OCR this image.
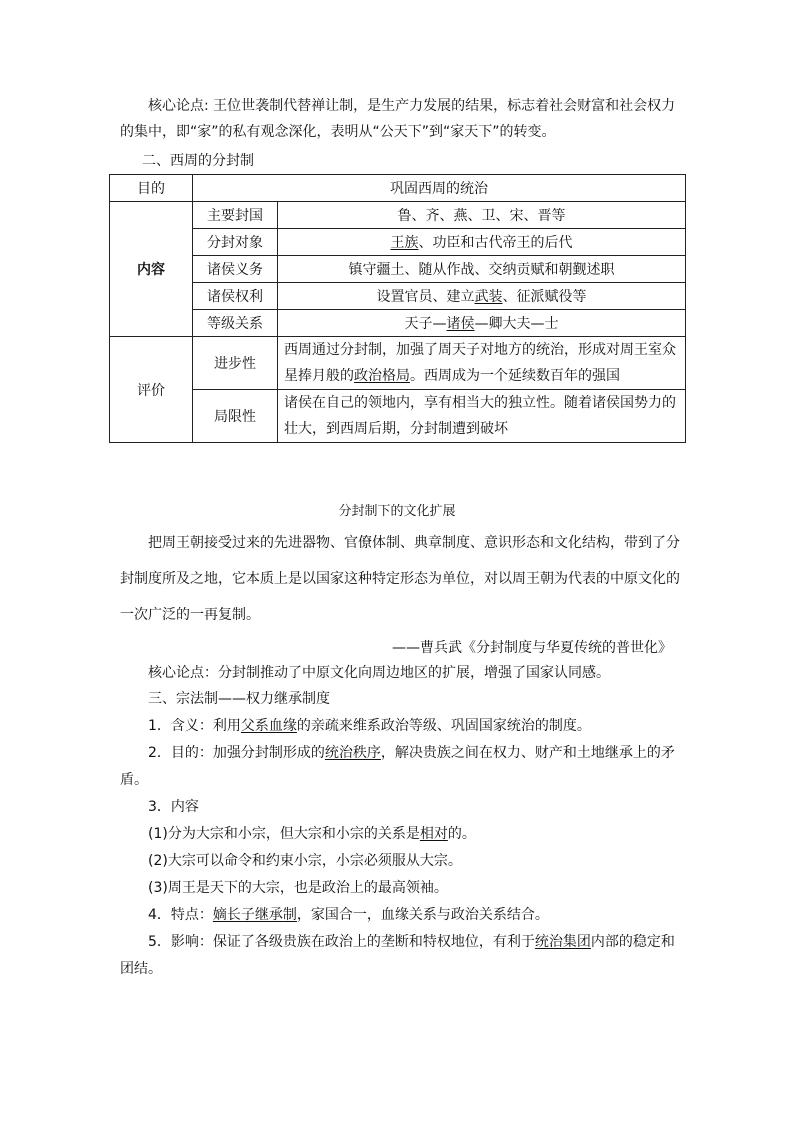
核心论点: 王位世袭制代替禅让制，是生产力发展的结果，标志着社会财富和社会权力
的集中，即“家”的私有观念深化，表明从“公天下”到“家天下”的转变。
二、西周的分封制
目的	巩固西周的统治	
内容	主要封国	鲁、齐、燕、卫、宋、晋等
	分封对象	王族、功臣和古代帝王的后代
	诸侯义务	镇守疆土、随从作战、交纳贡赋和朝觐述职
	诸侯权利	设置官员、建立武装、征派赋役等
	等级关系	天子—诸侯—卿大夫—士
评价	进步性	西周通过分封制，加强了周天子对地方的统治，形成对周王室众
星捧月般的政治格局。西周成为一个延续数百年的强国

	局限性	诸侯在自己的领地内，享有相当大的独立性。随着诸侯国势力的
壮大，到西周后期，分封制遭到破坏
分封制下的文化扩展
把周王朝接受过来的先进器物、官僚体制、典章制度、意识形态和文化结构，带到了分
封制度所及之地，它本质上是以国家这种特定形态为单位，对以周王朝为代表的中原文化的
一次广泛的一再复制。
——曹兵武《分封制度与华夏传统的普世化》
核心论点：分封制推动了中原文化向周边地区的扩展，增强了国家认同感。
三、宗法制——权力继承制度
1．含义：利用父系血缘的亲疏来维系政治等级、巩固国家统治的制度。
2．目的：加强分封制形成的统治秩序，解决贵族之间在权力、财产和土地继承上的矛
盾。
3．内容
(1)分为大宗和小宗，但大宗和小宗的关系是相对的。
(2)大宗可以命令和约束小宗，小宗必须服从大宗。
(3)周王是天下的大宗，也是政治上的最高领袖。
4．特点：嫡长子继承制，家国合一，血缘关系与政治关系结合。
5．影响：保证了各级贵族在政治上的垄断和特权地位，有利于统治集团内部的稳定和
团结。
